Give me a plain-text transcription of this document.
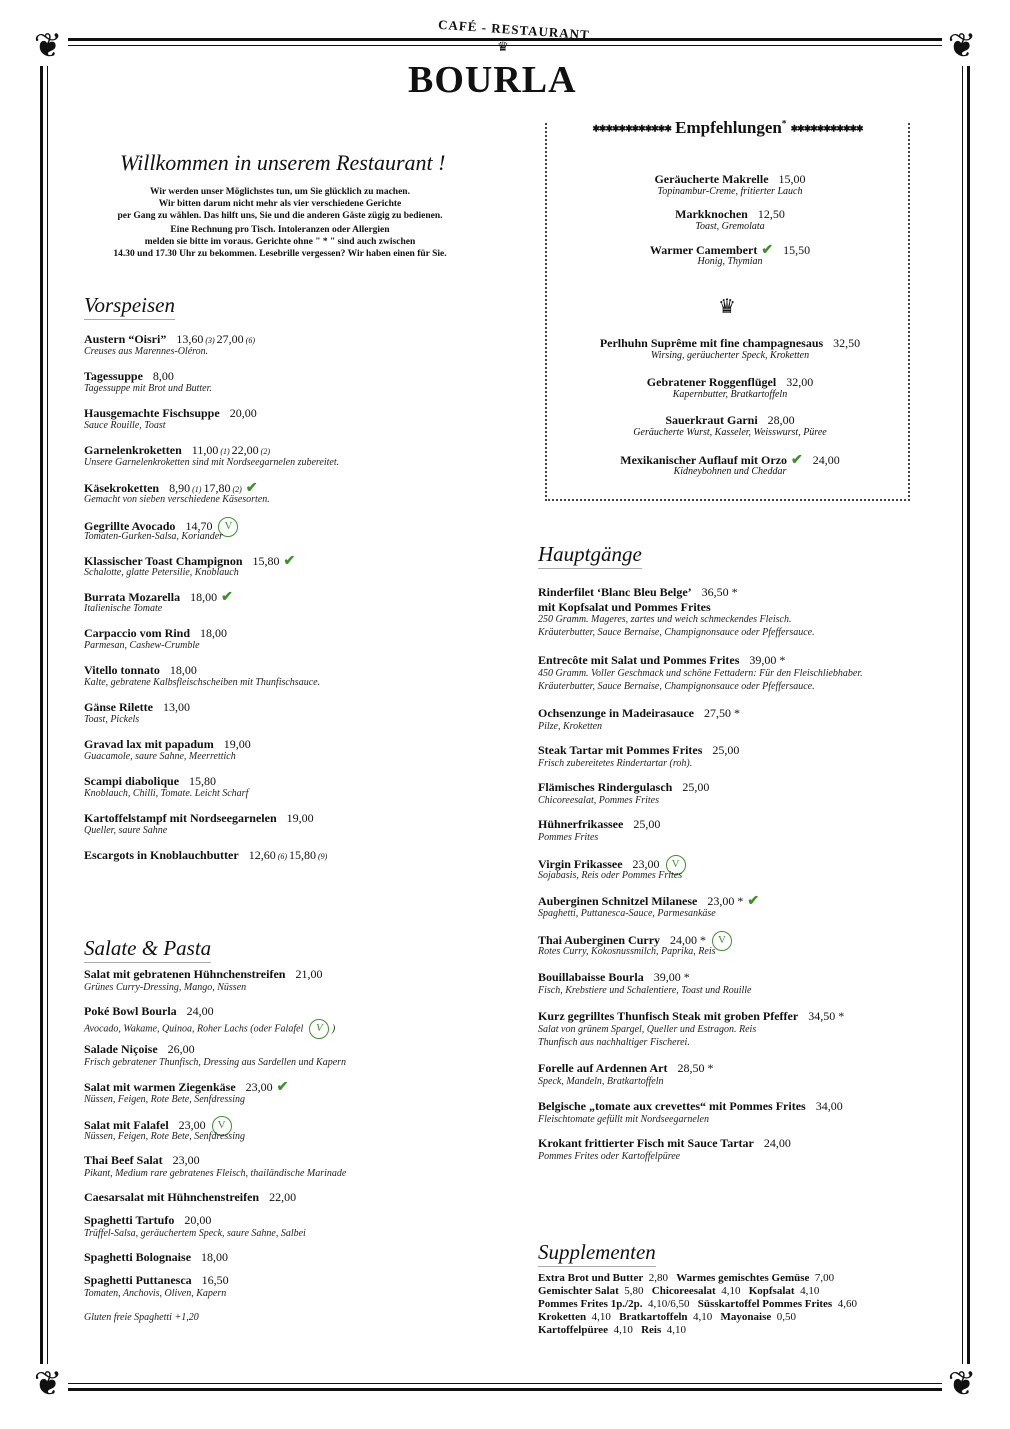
❦	❦
❦	❦
CAFÉ - RESTAURANT
♛
BOURLA
Willkommen in unserem Restaurant !
Wir werden unser Möglichstes tun, um Sie glücklich zu machen.
Wir bitten darum nicht mehr als vier verschiedene Gerichte
per Gang zu wählen. Das hilft uns, Sie und die anderen Gäste zügig zu bedienen.
Eine Rechnung pro Tisch. Intoleranzen oder Allergien
melden sie bitte im voraus. Gerichte ohne " * " sind auch zwischen
14.30 und 17.30 Uhr zu bekommen. Lesebrille vergessen? Wir haben einen für Sie.
✱✱✱✱✱✱✱✱✱✱✱✱ Empfehlungen* ✱✱✱✱✱✱✱✱✱✱✱
Geräucherte Makrelle 15,00
Topinambur-Creme, fritierter Lauch
Markknochen 12,50
Toast, Gremolata
Warmer Camembert ✔ 15,50
Honig, Thymian
Perlhuhn Suprême mit fine champagnesaus 32,50
Wirsing, geräucherter Speck, Kroketten
Gebratener Roggenflügel 32,00
Kapernbutter, Bratkartoffeln
Sauerkraut Garni 28,00
Geräucherte Wurst, Kasseler, Weisswurst, Püree
Mexikanischer Auflauf mit Orzo ✔ 24,00
Kidneybohnen und Cheddar
♛
Vorspeisen
Austern “Oisri” 13,60 (3) 27,00 (6)
Creuses aus Marennes-Oléron.
Tagessuppe 8,00
Tagessuppe mit Brot und Butter.
Hausgemachte Fischsuppe 20,00
Sauce Rouille, Toast
Garnelenkroketten 11,00 (1) 22,00 (2)
Unsere Garnelenkroketten sind mit Nordseegarnelen zubereitet.
Käsekroketten 8,90 (1) 17,80 (2) ✔
Gemacht von sieben verschiedene Käsesorten.
Gegrillte Avocado 14,70 V
Tomaten-Gurken-Salsa, Koriander
Klassischer Toast Champignon 15,80 ✔
Schalotte, glatte Petersilie, Knoblauch
Burrata Mozarella 18,00 ✔
Italienische Tomate
Carpaccio vom Rind 18,00
Parmesan, Cashew-Crumble
Vitello tonnato 18,00
Kalte, gebratene Kalbsfleischscheiben mit Thunfischsauce.
Gänse Rilette 13,00
Toast, Pickels
Gravad lax mit papadum 19,00
Guacamole, saure Sahne, Meerrettich
Scampi diabolique 15,80
Knoblauch, Chilli, Tomate. Leicht Scharf
Kartoffelstampf mit Nordseegarnelen 19,00
Queller, saure Sahne
Escargots in Knoblauchbutter 12,60 (6) 15,80 (9)
Salate & Pasta
Salat mit gebratenen Hühnchenstreifen 21,00
Grünes Curry-Dressing, Mango, Nüssen
Poké Bowl Bourla 24,00
Avocado, Wakame, Quinoa, Roher Lachs (oder Falafel V )
Salade Niçoise 26,00
Frisch gebratener Thunfisch, Dressing aus Sardellen und Kapern
Salat mit warmen Ziegenkäse 23,00 ✔
Nüssen, Feigen, Rote Bete, Senfdressing
Salat mit Falafel 23,00 V
Nüssen, Feigen, Rote Bete, Senfdressing
Thai Beef Salat 23,00
Pikant, Medium rare gebratenes Fleisch, thailändische Marinade
Caesarsalat mit Hühnchenstreifen 22,00
Spaghetti Tartufo 20,00
Trüffel-Salsa, geräuchertem Speck, saure Sahne, Salbei
Spaghetti Bolognaise 18,00
Spaghetti Puttanesca 16,50
Tomaten, Anchovis, Oliven, Kapern
Gluten freie Spaghetti +1,20
Hauptgänge
Rinderfilet ‘Blanc Bleu Belge’ 36,50 *
mit Kopfsalat und Pommes Frites
250 Gramm. Mageres, zartes und weich schmeckendes Fleisch.
Kräuterbutter, Sauce Bernaise, Champignonsauce oder Pfeffersauce.
Entrecôte mit Salat und Pommes Frites 39,00 *
450 Gramm. Voller Geschmack und schöne Fettadern: Für den Fleischliebhaber.
Kräuterbutter, Sauce Bernaise, Champignonsauce oder Pfeffersauce.
Ochsenzunge in Madeirasauce 27,50 *
Pilze, Kroketten
Steak Tartar mit Pommes Frites 25,00
Frisch zubereitetes Rindertartar (roh).
Flämisches Rindergulasch 25,00
Chicoreesalat, Pommes Frites
Hühnerfrikassee 25,00
Pommes Frites
Virgin Frikassee 23,00 V
Sojabasis, Reis oder Pommes Frites
Auberginen Schnitzel Milanese 23,00 * ✔
Spaghetti, Puttanesca-Sauce, Parmesankäse
Thai Auberginen Curry 24,00 * V
Rotes Curry, Kokosnussmilch, Paprika, Reis
Bouillabaisse Bourla 39,00 *
Fisch, Krebstiere und Schalentiere, Toast und Rouille
Kurz gegrilltes Thunfisch Steak mit groben Pfeffer 34,50 *
Salat von grünem Spargel, Queller und Estragon. Reis
Thunfisch aus nachhaltiger Fischerei.
Forelle auf Ardennen Art 28,50 *
Speck, Mandeln, Bratkartoffeln
Belgische „tomate aux crevettes“ mit Pommes Frites 34,00
Fleischtomate gefüllt mit Nordseegarnelen
Krokant frittierter Fisch mit Sauce Tartar 24,00
Pommes Frites oder Kartoffelpüree
Supplementen
Extra Brot und Butter  2,80 Warmes gemischtes Gemüse  7,00
Gemischter Salat  5,80 Chicoreesalat  4,10 Kopfsalat  4,10
Pommes Frites 1p./2p.  4,10/6,50 Süsskartoffel Pommes Frites  4,60
Kroketten  4,10 Bratkartoffeln  4,10 Mayonaise  0,50
Kartoffelpüree  4,10 Reis  4,10
